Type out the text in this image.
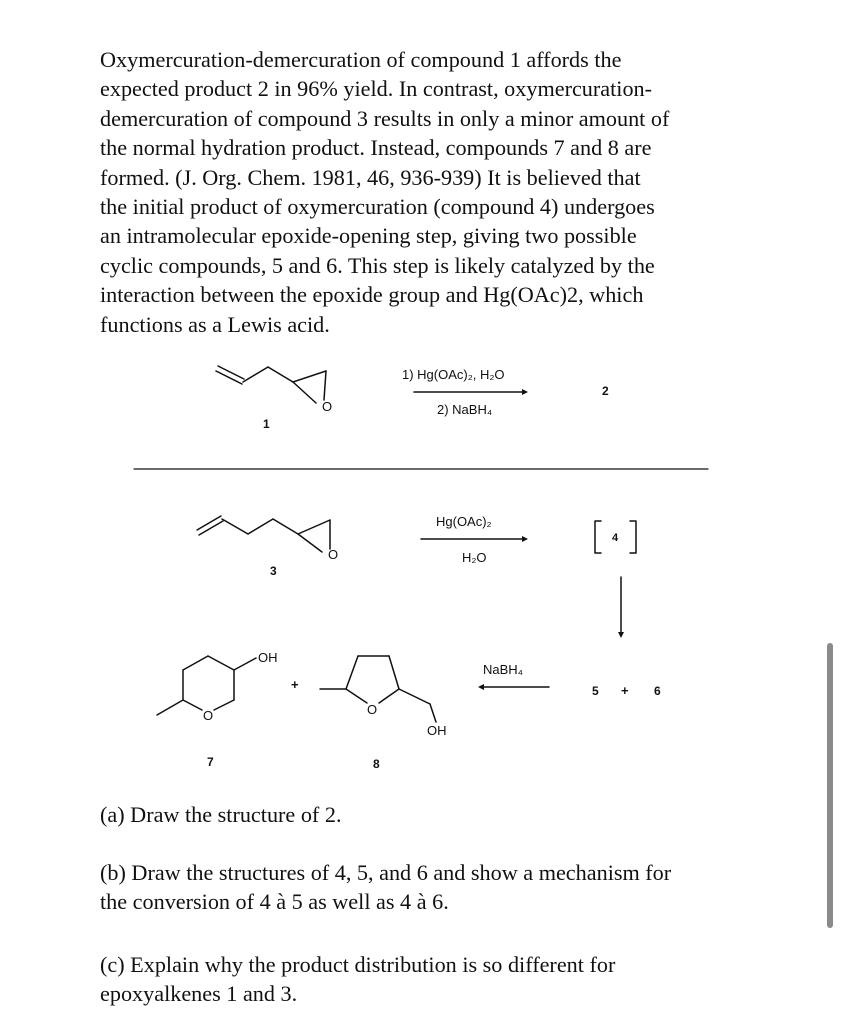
Oxymercuration-demercuration of compound 1 affords the
expected product 2 in 96% yield. In contrast, oxymercuration-
demercuration of compound 3 results in only a minor amount of
the normal hydration product. Instead, compounds 7 and 8 are
formed. (J. Org. Chem. 1981, 46, 936-939) It is believed that
the initial product of oxymercuration (compound 4) undergoes
an intramolecular epoxide-opening step, giving two possible
cyclic compounds, 5 and 6. This step is likely catalyzed by the
interaction between the epoxide group and Hg(OAc)2, which
functions as a Lewis acid.
O
1
1) Hg(OAc)₂, H₂O
2) NaBH₄
2
O
3
Hg(OAc)₂
H₂O
4
5 + 6
NaBH₄
OH
O
7
+
O
OH
8
(a) Draw the structure of 2.
(b) Draw the structures of 4, 5, and 6 and show a mechanism for
the conversion of 4 à 5 as well as 4 à 6.
(c) Explain why the product distribution is so different for
epoxyalkenes 1 and 3.
